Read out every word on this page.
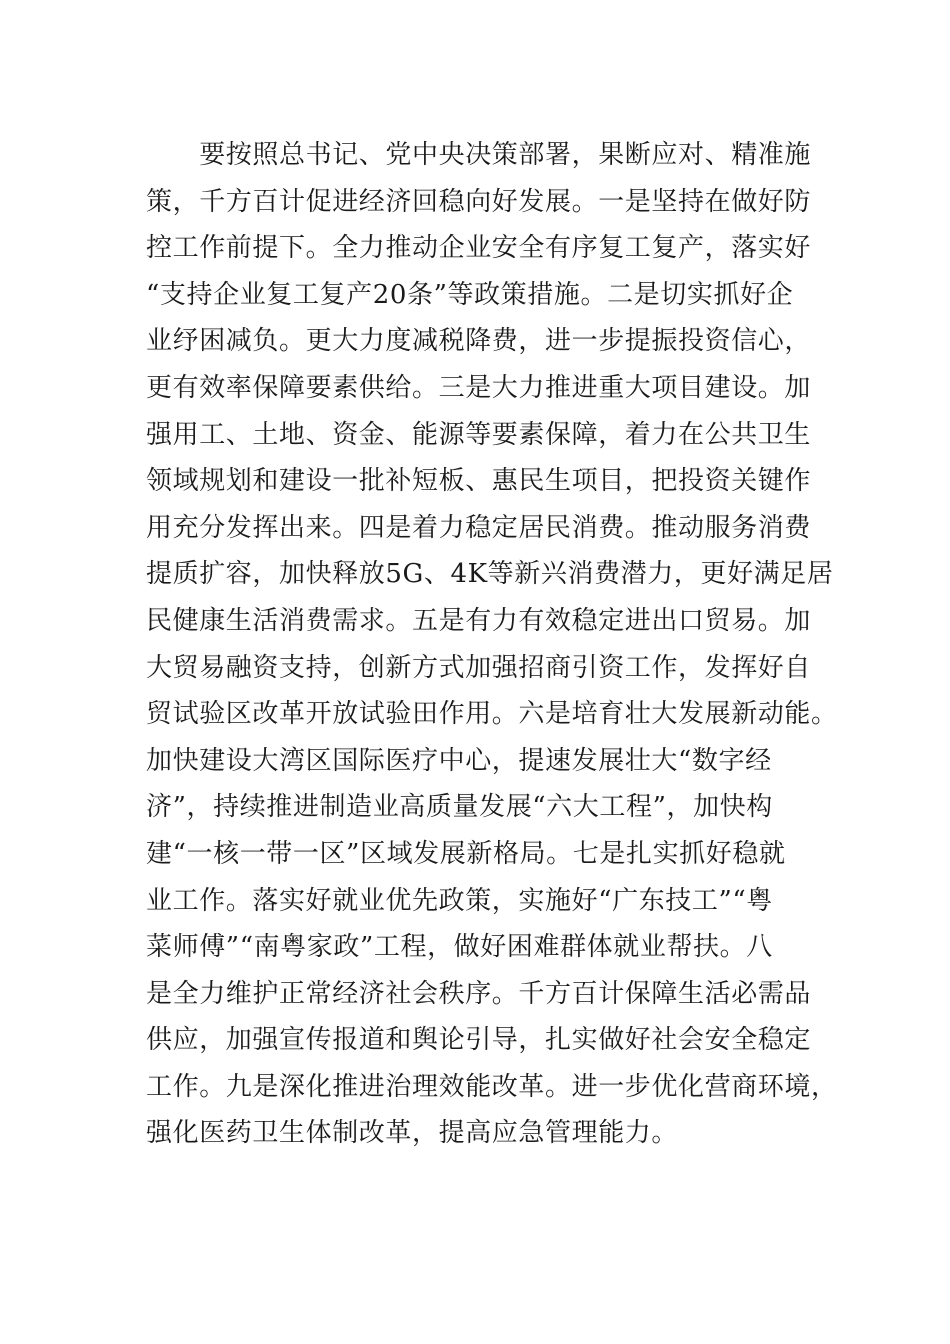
　　要按照总书记、党中央决策部署，果断应对、精准施
策，千方百计促进经济回稳向好发展。一是坚持在做好防
控工作前提下。全力推动企业安全有序复工复产，落实好
“支持企业复工复产20条”等政策措施。二是切实抓好企
业纾困减负。更大力度减税降费，进一步提振投资信心，
更有效率保障要素供给。三是大力推进重大项目建设。加
强用工、土地、资金、能源等要素保障，着力在公共卫生
领域规划和建设一批补短板、惠民生项目，把投资关键作
用充分发挥出来。四是着力稳定居民消费。推动服务消费
提质扩容，加快释放5G、4K等新兴消费潜力，更好满足居
民健康生活消费需求。五是有力有效稳定进出口贸易。加
大贸易融资支持，创新方式加强招商引资工作，发挥好自
贸试验区改革开放试验田作用。六是培育壮大发展新动能。
加快建设大湾区国际医疗中心，提速发展壮大“数字经
济”，持续推进制造业高质量发展“六大工程”，加快构
建“一核一带一区”区域发展新格局。七是扎实抓好稳就
业工作。落实好就业优先政策，实施好“广东技工”“粤
菜师傅”“南粤家政”工程，做好困难群体就业帮扶。八
是全力维护正常经济社会秩序。千方百计保障生活必需品
供应，加强宣传报道和舆论引导，扎实做好社会安全稳定
工作。九是深化推进治理效能改革。进一步优化营商环境，
强化医药卫生体制改革，提高应急管理能力。
